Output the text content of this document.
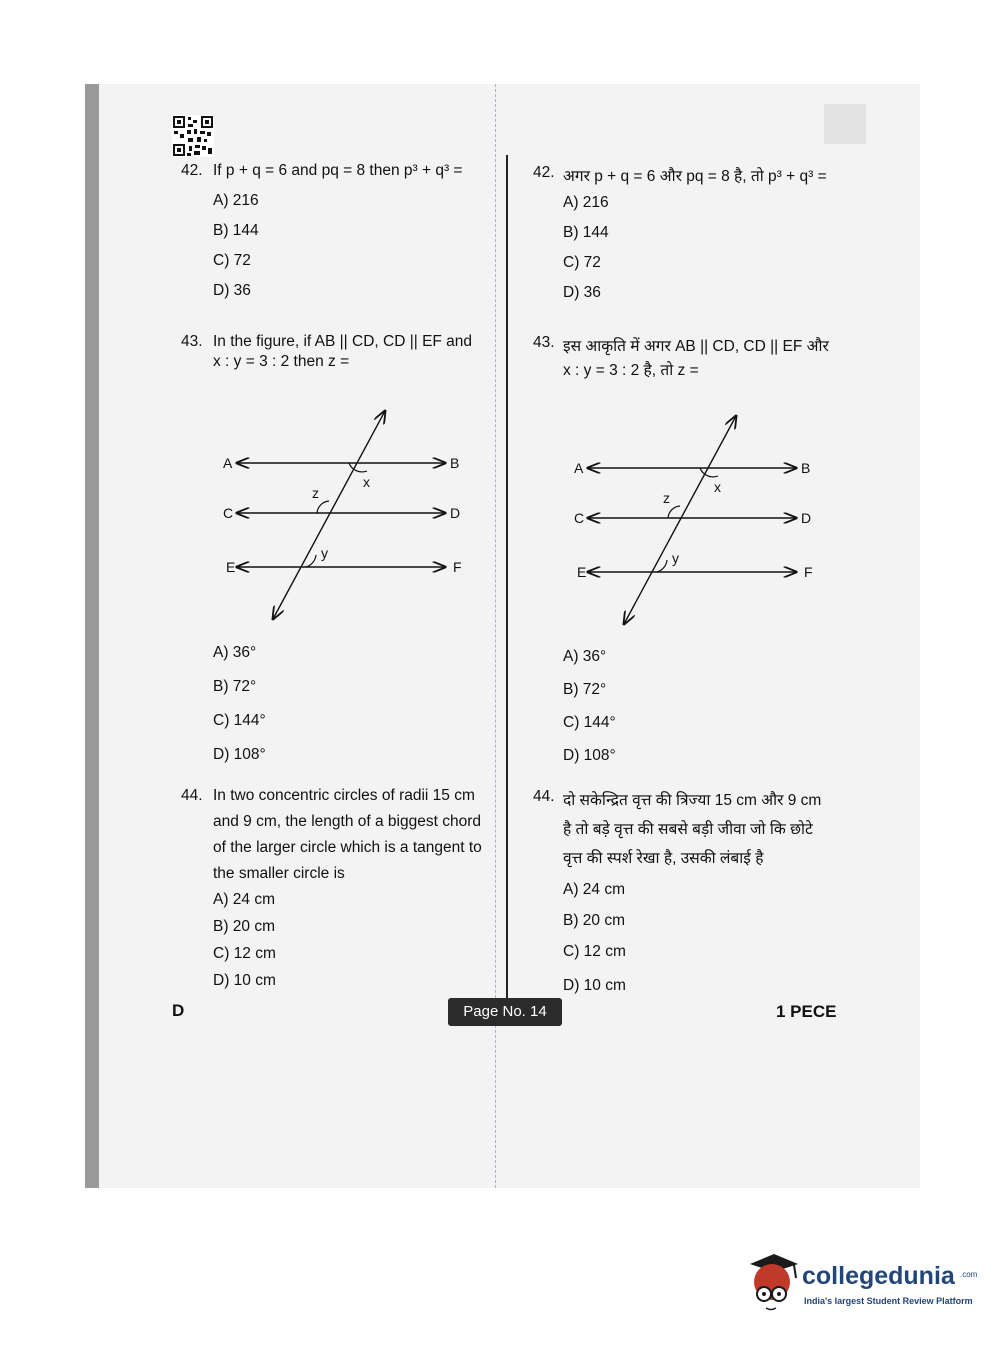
42. If p + q = 6 and pq = 8 then p³ + q³ =
A) 216
B) 144
C) 72
D) 36
43. In the figure, if AB || CD, CD || EF and
x : y = 3 : 2 then z =
A	B
C	D
E	F
x
z
y
A) 36°
B) 72°
C) 144°
D) 108°
44. In two concentric circles of radii 15 cm
and 9 cm, the length of a biggest chord
of the larger circle which is a tangent to
the smaller circle is
A) 24 cm
B) 20 cm
C) 12 cm
D) 10 cm
42. अगर p + q = 6 और pq = 8 है, तो p³ + q³ =
A) 216
B) 144
C) 72
D) 36
43. इस आकृति में अगर AB || CD, CD || EF और
x : y = 3 : 2 है, तो z =
A	B
C	D
E	F
x
z
y
A) 36°
B) 72°
C) 144°
D) 108°
44. दो सकेन्द्रित वृत्त की त्रिज्या 15 cm और 9 cm
है तो बड़े वृत्त की सबसे बड़ी जीवा जो कि छोटे
वृत्त की स्पर्श रेखा है, उसकी लंबाई है
A) 24 cm
B) 20 cm
C) 12 cm
D) 10 cm
D	Page No. 14	1 PECE
collegedunia .com
India's largest Student Review Platform
